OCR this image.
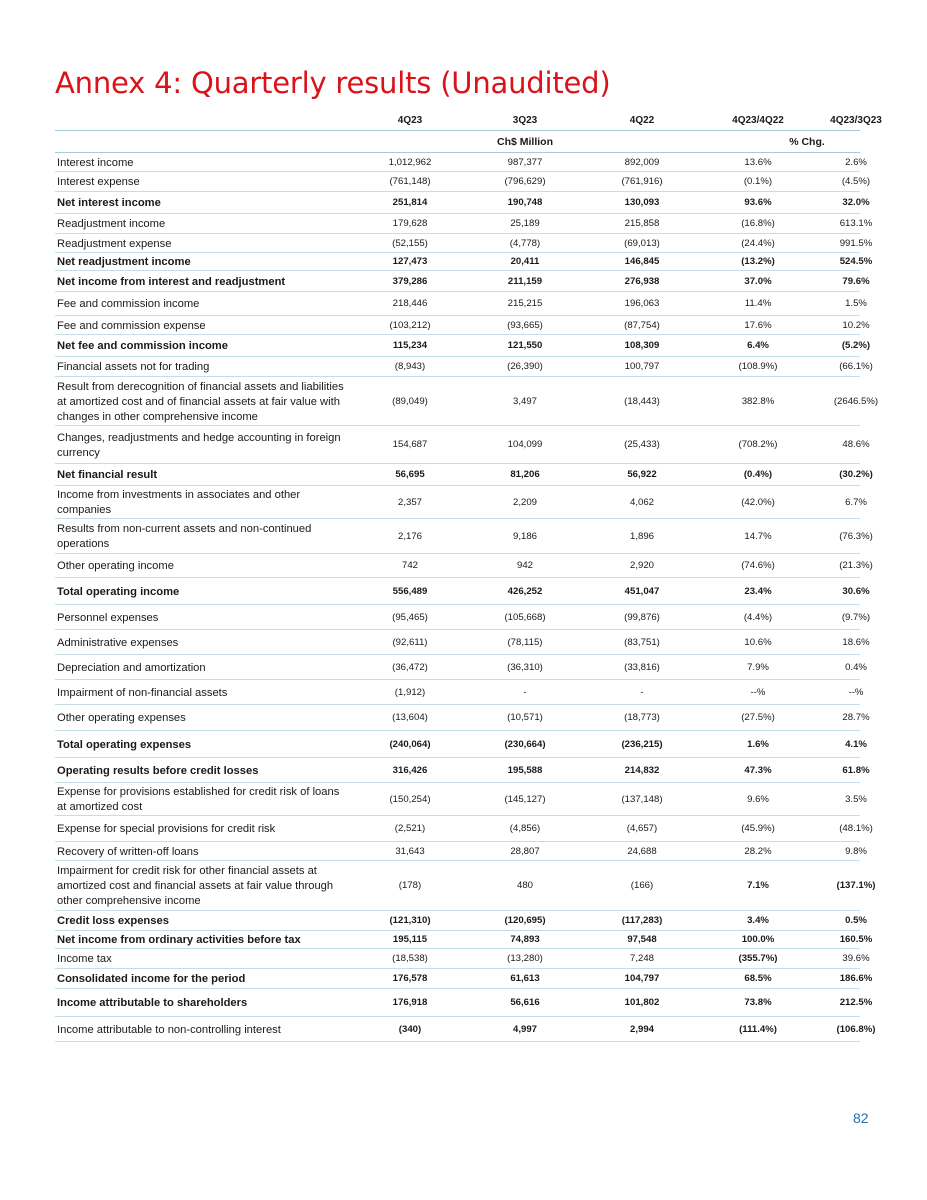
Annex 4: Quarterly results (Unaudited)
4Q23	3Q23	4Q22	4Q23/4Q22	4Q23/3Q23
Ch$ Million	% Chg.
Interest income	1,012,962	987,377	892,009	13.6%	2.6%
Interest expense	(761,148)	(796,629)	(761,916)	(0.1%)	(4.5%)
Net interest income	251,814	190,748	130,093	93.6%	32.0%
Readjustment income	179,628	25,189	215,858	(16.8%)	613.1%
Readjustment expense	(52,155)	(4,778)	(69,013)	(24.4%)	991.5%
Net readjustment income	127,473	20,411	146,845	(13.2%)	524.5%
Net income from interest and readjustment	379,286	211,159	276,938	37.0%	79.6%
Fee and commission income	218,446	215,215	196,063	11.4%	1.5%
Fee and commission expense	(103,212)	(93,665)	(87,754)	17.6%	10.2%
Net fee and commission income	115,234	121,550	108,309	6.4%	(5.2%)
Financial assets not for trading	(8,943)	(26,390)	100,797	(108.9%)	(66.1%)
Result from derecognition of financial assets and liabilities at amortized cost and of financial assets at fair value with changes in other comprehensive income
(89,049)	3,497	(18,443)	382.8%	(2646.5%)
Changes, readjustments and hedge accounting in foreign currency
154,687	104,099	(25,433)	(708.2%)	48.6%
Net financial result	56,695	81,206	56,922	(0.4%)	(30.2%)
Income from investments in associates and other companies
2,357	2,209	4,062	(42.0%)	6.7%
Results from non-current assets and non-continued operations
2,176	9,186	1,896	14.7%	(76.3%)
Other operating income	742	942	2,920	(74.6%)	(21.3%)
Total operating income	556,489	426,252	451,047	23.4%	30.6%
Personnel expenses	(95,465)	(105,668)	(99,876)	(4.4%)	(9.7%)
Administrative expenses	(92,611)	(78,115)	(83,751)	10.6%	18.6%
Depreciation and amortization	(36,472)	(36,310)	(33,816)	7.9%	0.4%
Impairment of non-financial assets	(1,912)	-	-	--%	--%
Other operating expenses	(13,604)	(10,571)	(18,773)	(27.5%)	28.7%
Total operating expenses	(240,064)	(230,664)	(236,215)	1.6%	4.1%
Operating results before credit losses	316,426	195,588	214,832	47.3%	61.8%
Expense for provisions established for credit risk of loans at amortized cost
(150,254)	(145,127)	(137,148)	9.6%	3.5%
Expense for special provisions for credit risk	(2,521)	(4,856)	(4,657)	(45.9%)	(48.1%)
Recovery of written-off loans	31,643	28,807	24,688	28.2%	9.8%
Impairment for credit risk for other financial assets at amortized cost and financial assets at fair value through other comprehensive income
(178)	480	(166)	7.1%	(137.1%)
Credit loss expenses	(121,310)	(120,695)	(117,283)	3.4%	0.5%
Net income from ordinary activities before tax	195,115	74,893	97,548	100.0%	160.5%
Income tax	(18,538)	(13,280)	7,248	(355.7%)	39.6%
Consolidated income for the period	176,578	61,613	104,797	68.5%	186.6%
Income attributable to shareholders	176,918	56,616	101,802	73.8%	212.5%
Income attributable to non-controlling interest	(340)	4,997	2,994	(111.4%)	(106.8%)
82
